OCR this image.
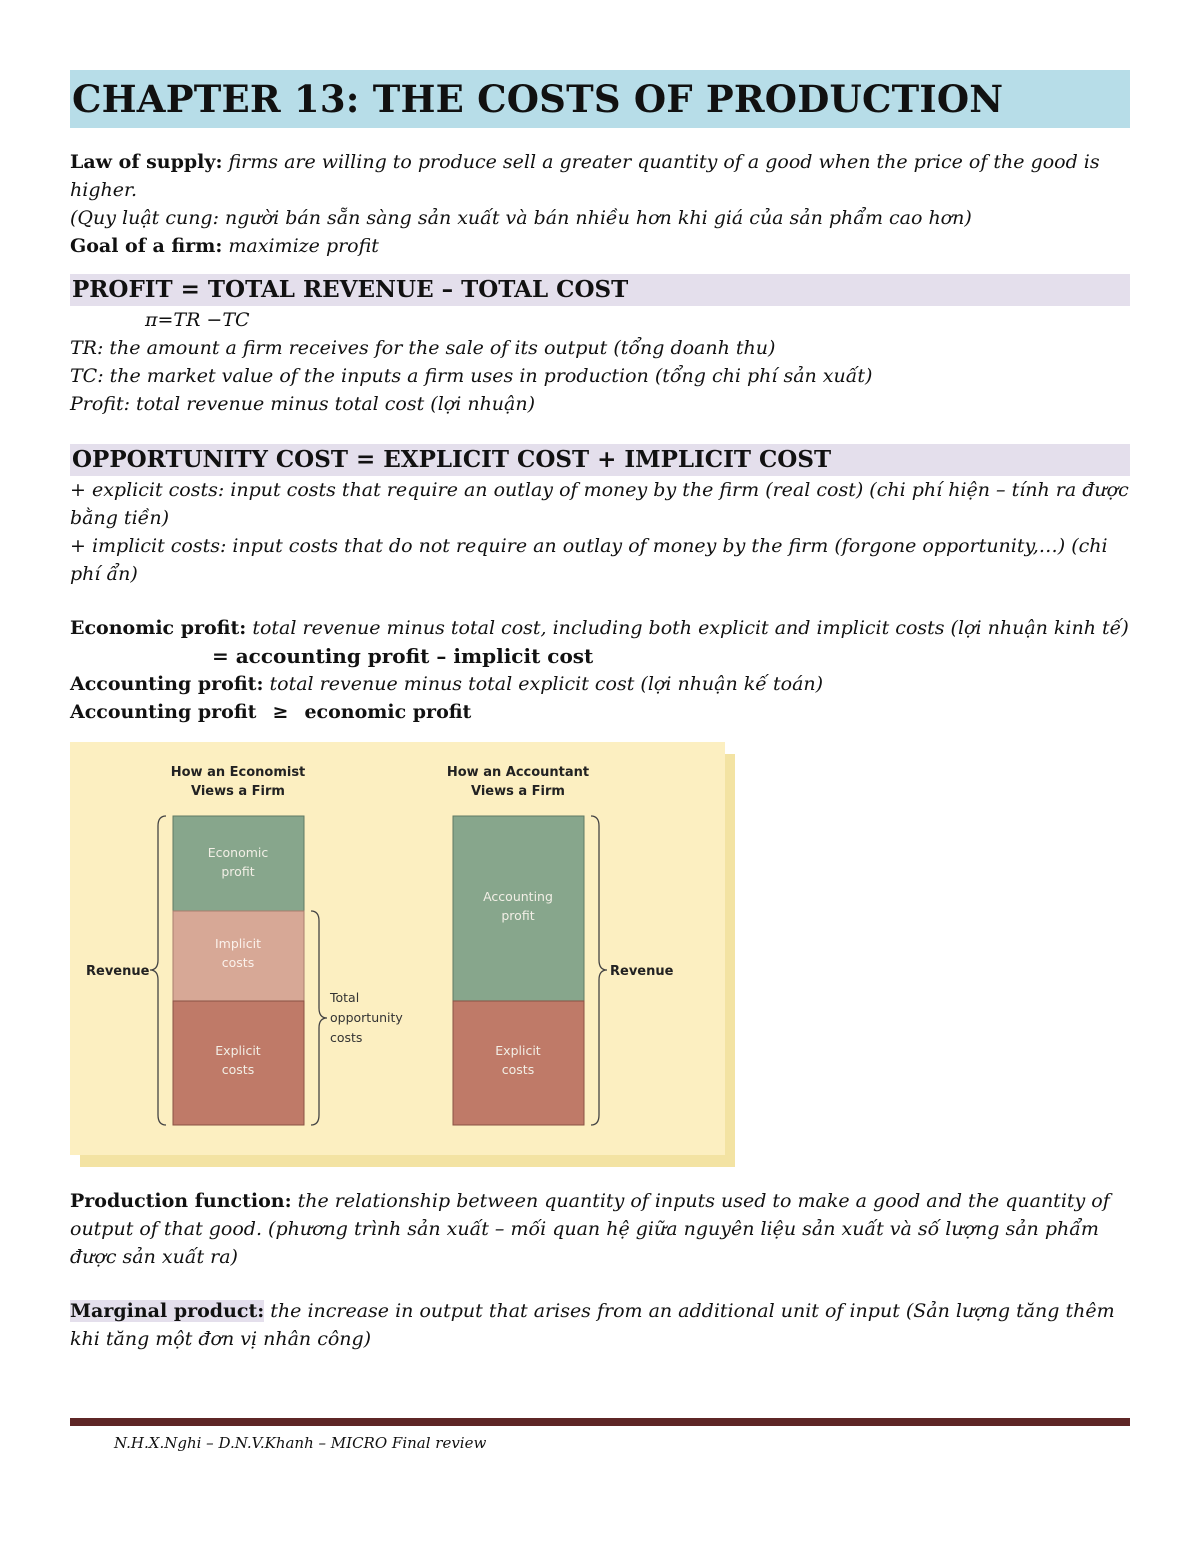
CHAPTER 13: THE COSTS OF PRODUCTION

Law of supply: firms are willing to produce sell a greater quantity of a good when the price of the good is higher.

(Quy luật cung: người bán sẵn sàng sản xuất và bán nhiều hơn khi giá của sản phẩm cao hơn)

Goal of a firm: maximize profit

PROFIT = TOTAL REVENUE – TOTAL COST
π=TR −TC

TR: the amount a firm receives for the sale of its output (tổng doanh thu)

TC: the market value of the inputs a firm uses in production (tổng chi phí sản xuất)

Profit: total revenue minus total cost (lợi nhuận)

OPPORTUNITY COST = EXPLICIT COST + IMPLICIT COST

+ explicit costs: input costs that require an outlay of money by the firm (real cost) (chi phí hiện – tính ra được bằng tiền)

+ implicit costs: input costs that do not require an outlay of money by the firm (forgone opportunity,…) (chi phí ẩn)

Economic profit: total revenue minus total cost, including both explicit and implicit costs (lợi nhuận kinh tế)

= accounting profit – implicit cost

Accounting profit: total revenue minus total explicit cost (lợi nhuận kế toán)

Accounting profit ≥ economic profit

How an Economist
Views a Firm
How an Accountant
Views a Firm
Economic
profit
Implicit
costs
Explicit
costs
Accounting
profit
Explicit
costs
Revenue	Revenue
Total
opportunity
costs

Production function: the relationship between quantity of inputs used to make a good and the quantity of output of that good. (phương trình sản xuất – mối quan hệ giữa nguyên liệu sản xuất và số lượng sản phẩm được sản xuất ra)

Marginal product: the increase in output that arises from an additional unit of input (Sản lượng tăng thêm khi tăng một đơn vị nhân công)

N.H.X.Nghi – D.N.V.Khanh – MICRO Final review
